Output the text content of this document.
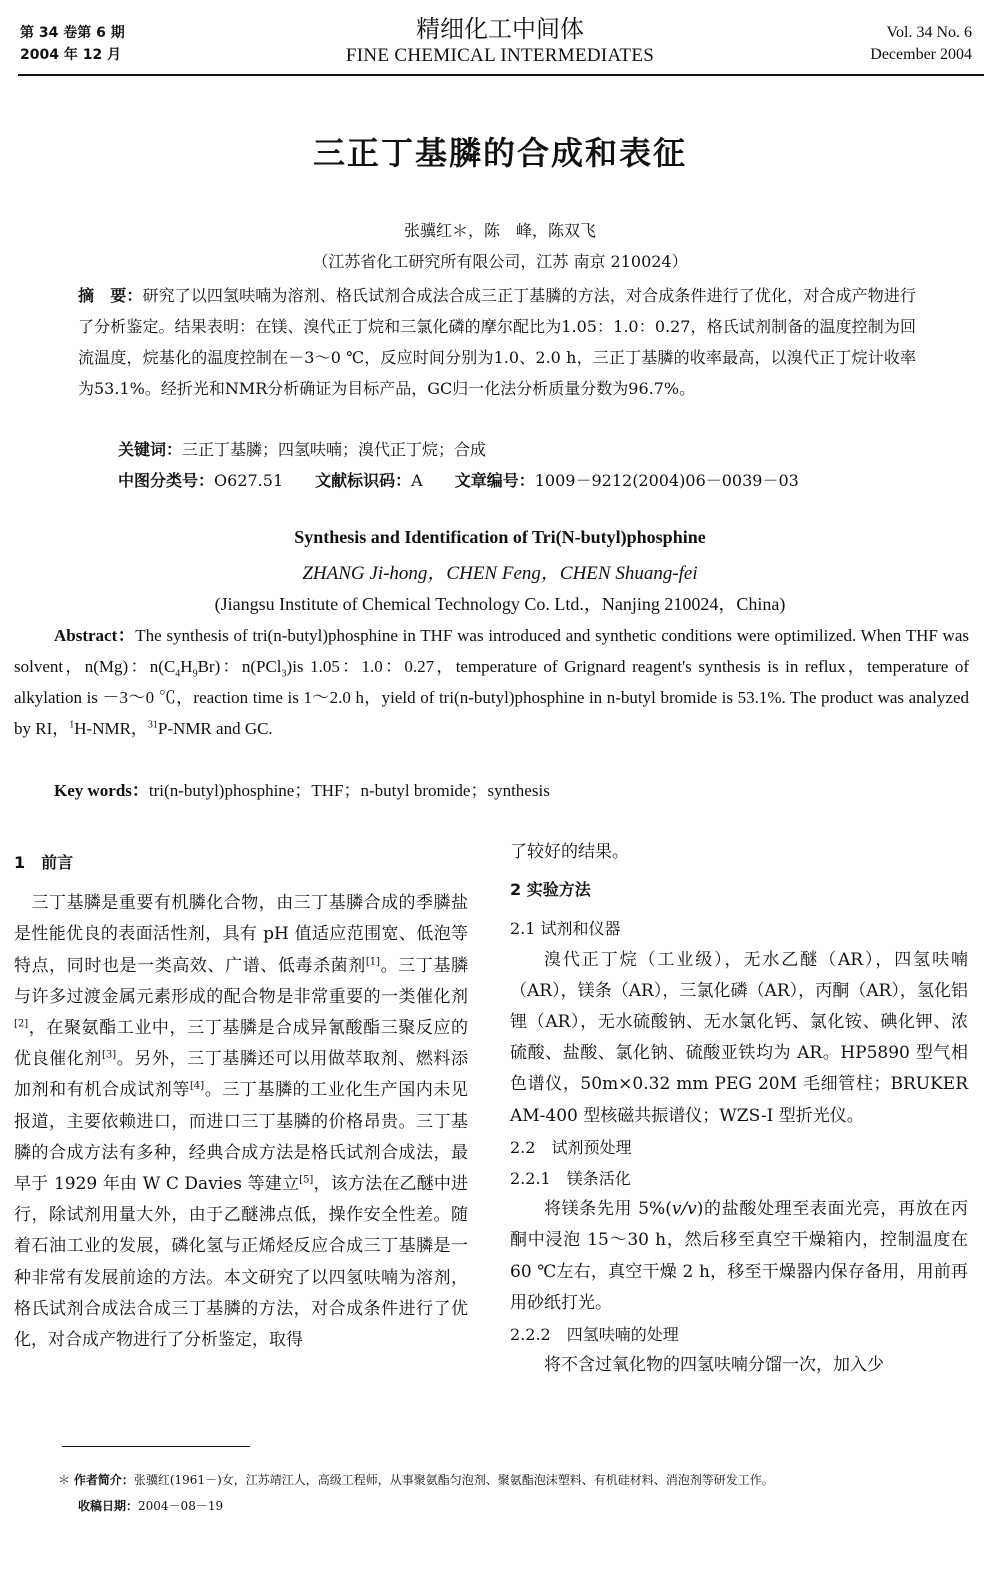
第 34 卷第 6 期
2004 年 12 月
精细化工中间体
FINE CHEMICAL INTERMEDIATES
Vol. 34 No. 6
December 2004
三正丁基膦的合成和表征
张骥红＊，陈　峰，陈双飞
（江苏省化工研究所有限公司，江苏 南京 210024）
摘　要：研究了以四氢呋喃为溶剂、格氏试剂合成法合成三正丁基膦的方法，对合成条件进行了优化，对合成产物进行了分析鉴定。结果表明：在镁、溴代正丁烷和三氯化磷的摩尔配比为1.05：1.0：0.27，格氏试剂制备的温度控制为回流温度，烷基化的温度控制在－3～0 ℃，反应时间分别为1.0、2.0 h，三正丁基膦的收率最高，以溴代正丁烷计收率为53.1%。经折光和NMR分析确证为目标产品，GC归一化法分析质量分数为96.7%。
关键词：三正丁基膦；四氢呋喃；溴代正丁烷；合成
中图分类号：O627.51　　 文献标识码：A　　 文章编号：1009－9212(2004)06－0039－03
Synthesis and Identification of Tri(N-butyl)phosphine
ZHANG Ji-hong，CHEN Feng，CHEN Shuang-fei
(Jiangsu Institute of Chemical Technology Co. Ltd.，Nanjing 210024，China)
Abstract：The synthesis of tri(n-butyl)phosphine in THF was introduced and synthetic conditions were optimilized. When THF was solvent，n(Mg)：$n(C_4H_9Br)$：n(PCl$_3$)is 1.05：1.0：0.27，temperature of Grignard reagent's synthesis is in reflux，temperature of alkylation is －3～0 ℃，reaction time is 1～2.0 h，yield of tri(n-butyl)phosphine in n-butyl bromide is 53.1%. The product was analyzed by RI，$^1$H-NMR，$^{31}$P-NMR and GC.
Key words：tri(n-butyl)phosphine；THF；n-butyl bromide；synthesis
1　前言

　三丁基膦是重要有机膦化合物，由三丁基膦合成的季膦盐是性能优良的表面活性剂，具有 pH 值适应范围宽、低泡等特点，同时也是一类高效、广谱、低毒杀菌剂[1]。三丁基膦与许多过渡金属元素形成的配合物是非常重要的一类催化剂[2]，在聚氨酯工业中，三丁基膦是合成异氰酸酯三聚反应的优良催化剂[3]。另外，三丁基膦还可以用做萃取剂、燃料添加剂和有机合成试剂等[4]。三丁基膦的工业化生产国内未见报道，主要依赖进口，而进口三丁基膦的价格昂贵。三丁基膦的合成方法有多种，经典合成方法是格氏试剂合成法，最早于 1929 年由 W C Davies 等建立[5]，该方法在乙醚中进行，除试剂用量大外，由于乙醚沸点低，操作安全性差。随着石油工业的发展，磷化氢与正烯烃反应合成三丁基膦是一种非常有发展前途的方法。本文研究了以四氢呋喃为溶剂，格氏试剂合成法合成三丁基膦的方法，对合成条件进行了优化，对合成产物进行了分析鉴定，取得

了较好的结果。

2 实验方法

2.1 试剂和仪器

溴代正丁烷（工业级），无水乙醚（AR），四氢呋喃（AR），镁条（AR），三氯化磷（AR），丙酮（AR），氢化铝锂（AR），无水硫酸钠、无水氯化钙、氯化铵、碘化钾、浓硫酸、盐酸、氯化钠、硫酸亚铁均为 AR。HP5890 型气相色谱仪，50m×0.32 mm PEG 20M 毛细管柱；BRUKER AM-400 型核磁共振谱仪；WZS-I 型折光仪。

2.2　试剂预处理

2.2.1　镁条活化

将镁条先用 5%(v/v)的盐酸处理至表面光亮，再放在丙酮中浸泡 15～30 h，然后移至真空干燥箱内，控制温度在 60 ℃左右，真空干燥 2 h，移至干燥器内保存备用，用前再用砂纸打光。

2.2.2　四氢呋喃的处理

将不含过氧化物的四氢呋喃分馏一次，加入少

＊ 作者简介：张骥红(1961－)女，江苏靖江人，高级工程师，从事聚氨酯匀泡剂、聚氨酯泡沫塑料、有机硅材料、消泡剂等研发工作。
收稿日期：2004－08－19
